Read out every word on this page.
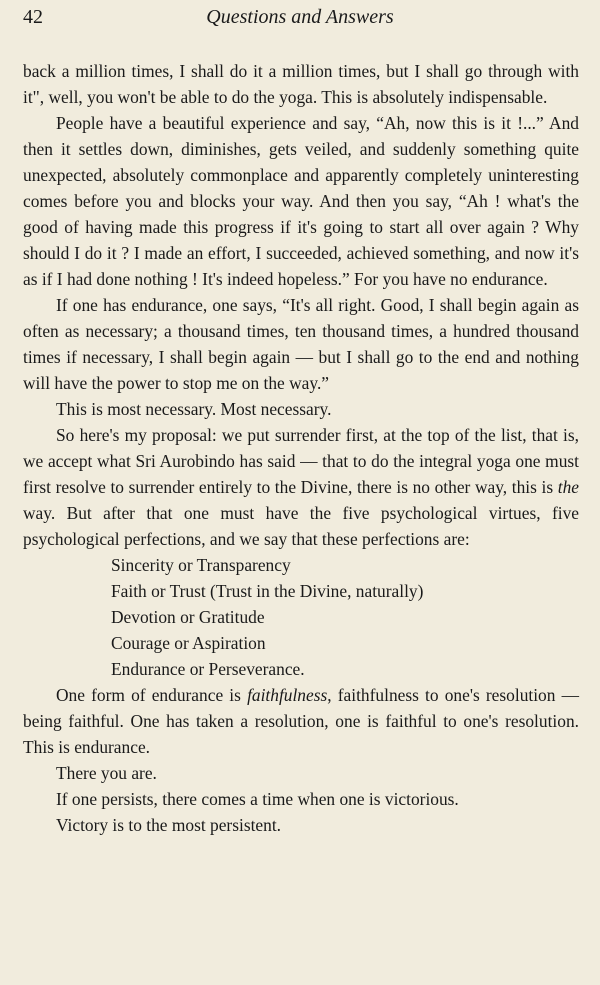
42	Questions and Answers

back a million times, I shall do it a million times, but I shall go through with it", well, you won't be able to do the yoga. This is absolutely indispensable.

People have a beautiful experience and say, “Ah, now this is it !...” And then it settles down, diminishes, gets veiled, and suddenly something quite unexpected, absolutely commonplace and apparently completely uninteresting comes before you and blocks your way. And then you say, “Ah ! what's the good of having made this progress if it's going to start all over again ? Why should I do it ? I made an effort, I succeeded, achieved something, and now it's as if I had done nothing ! It's indeed hopeless.” For you have no endurance.

If one has endurance, one says, “It's all right. Good, I shall begin again as often as necessary; a thousand times, ten thousand times, a hundred thousand times if necessary, I shall begin again — but I shall go to the end and nothing will have the power to stop me on the way.”

This is most necessary. Most necessary.

So here's my proposal: we put surrender first, at the top of the list, that is, we accept what Sri Aurobindo has said — that to do the integral yoga one must first resolve to surrender entirely to the Divine, there is no other way, this is the way. But after that one must have the five psychological virtues, five psychological perfections, and we say that these perfections are:

Sincerity or Transparency
Faith or Trust (Trust in the Divine, naturally)
Devotion or Gratitude
Courage or Aspiration
Endurance or Perseverance.

One form of endurance is faithfulness, faithfulness to one's resolution — being faithful. One has taken a resolution, one is faithful to one's resolution. This is endurance.

There you are.

If one persists, there comes a time when one is victorious.

Victory is to the most persistent.
